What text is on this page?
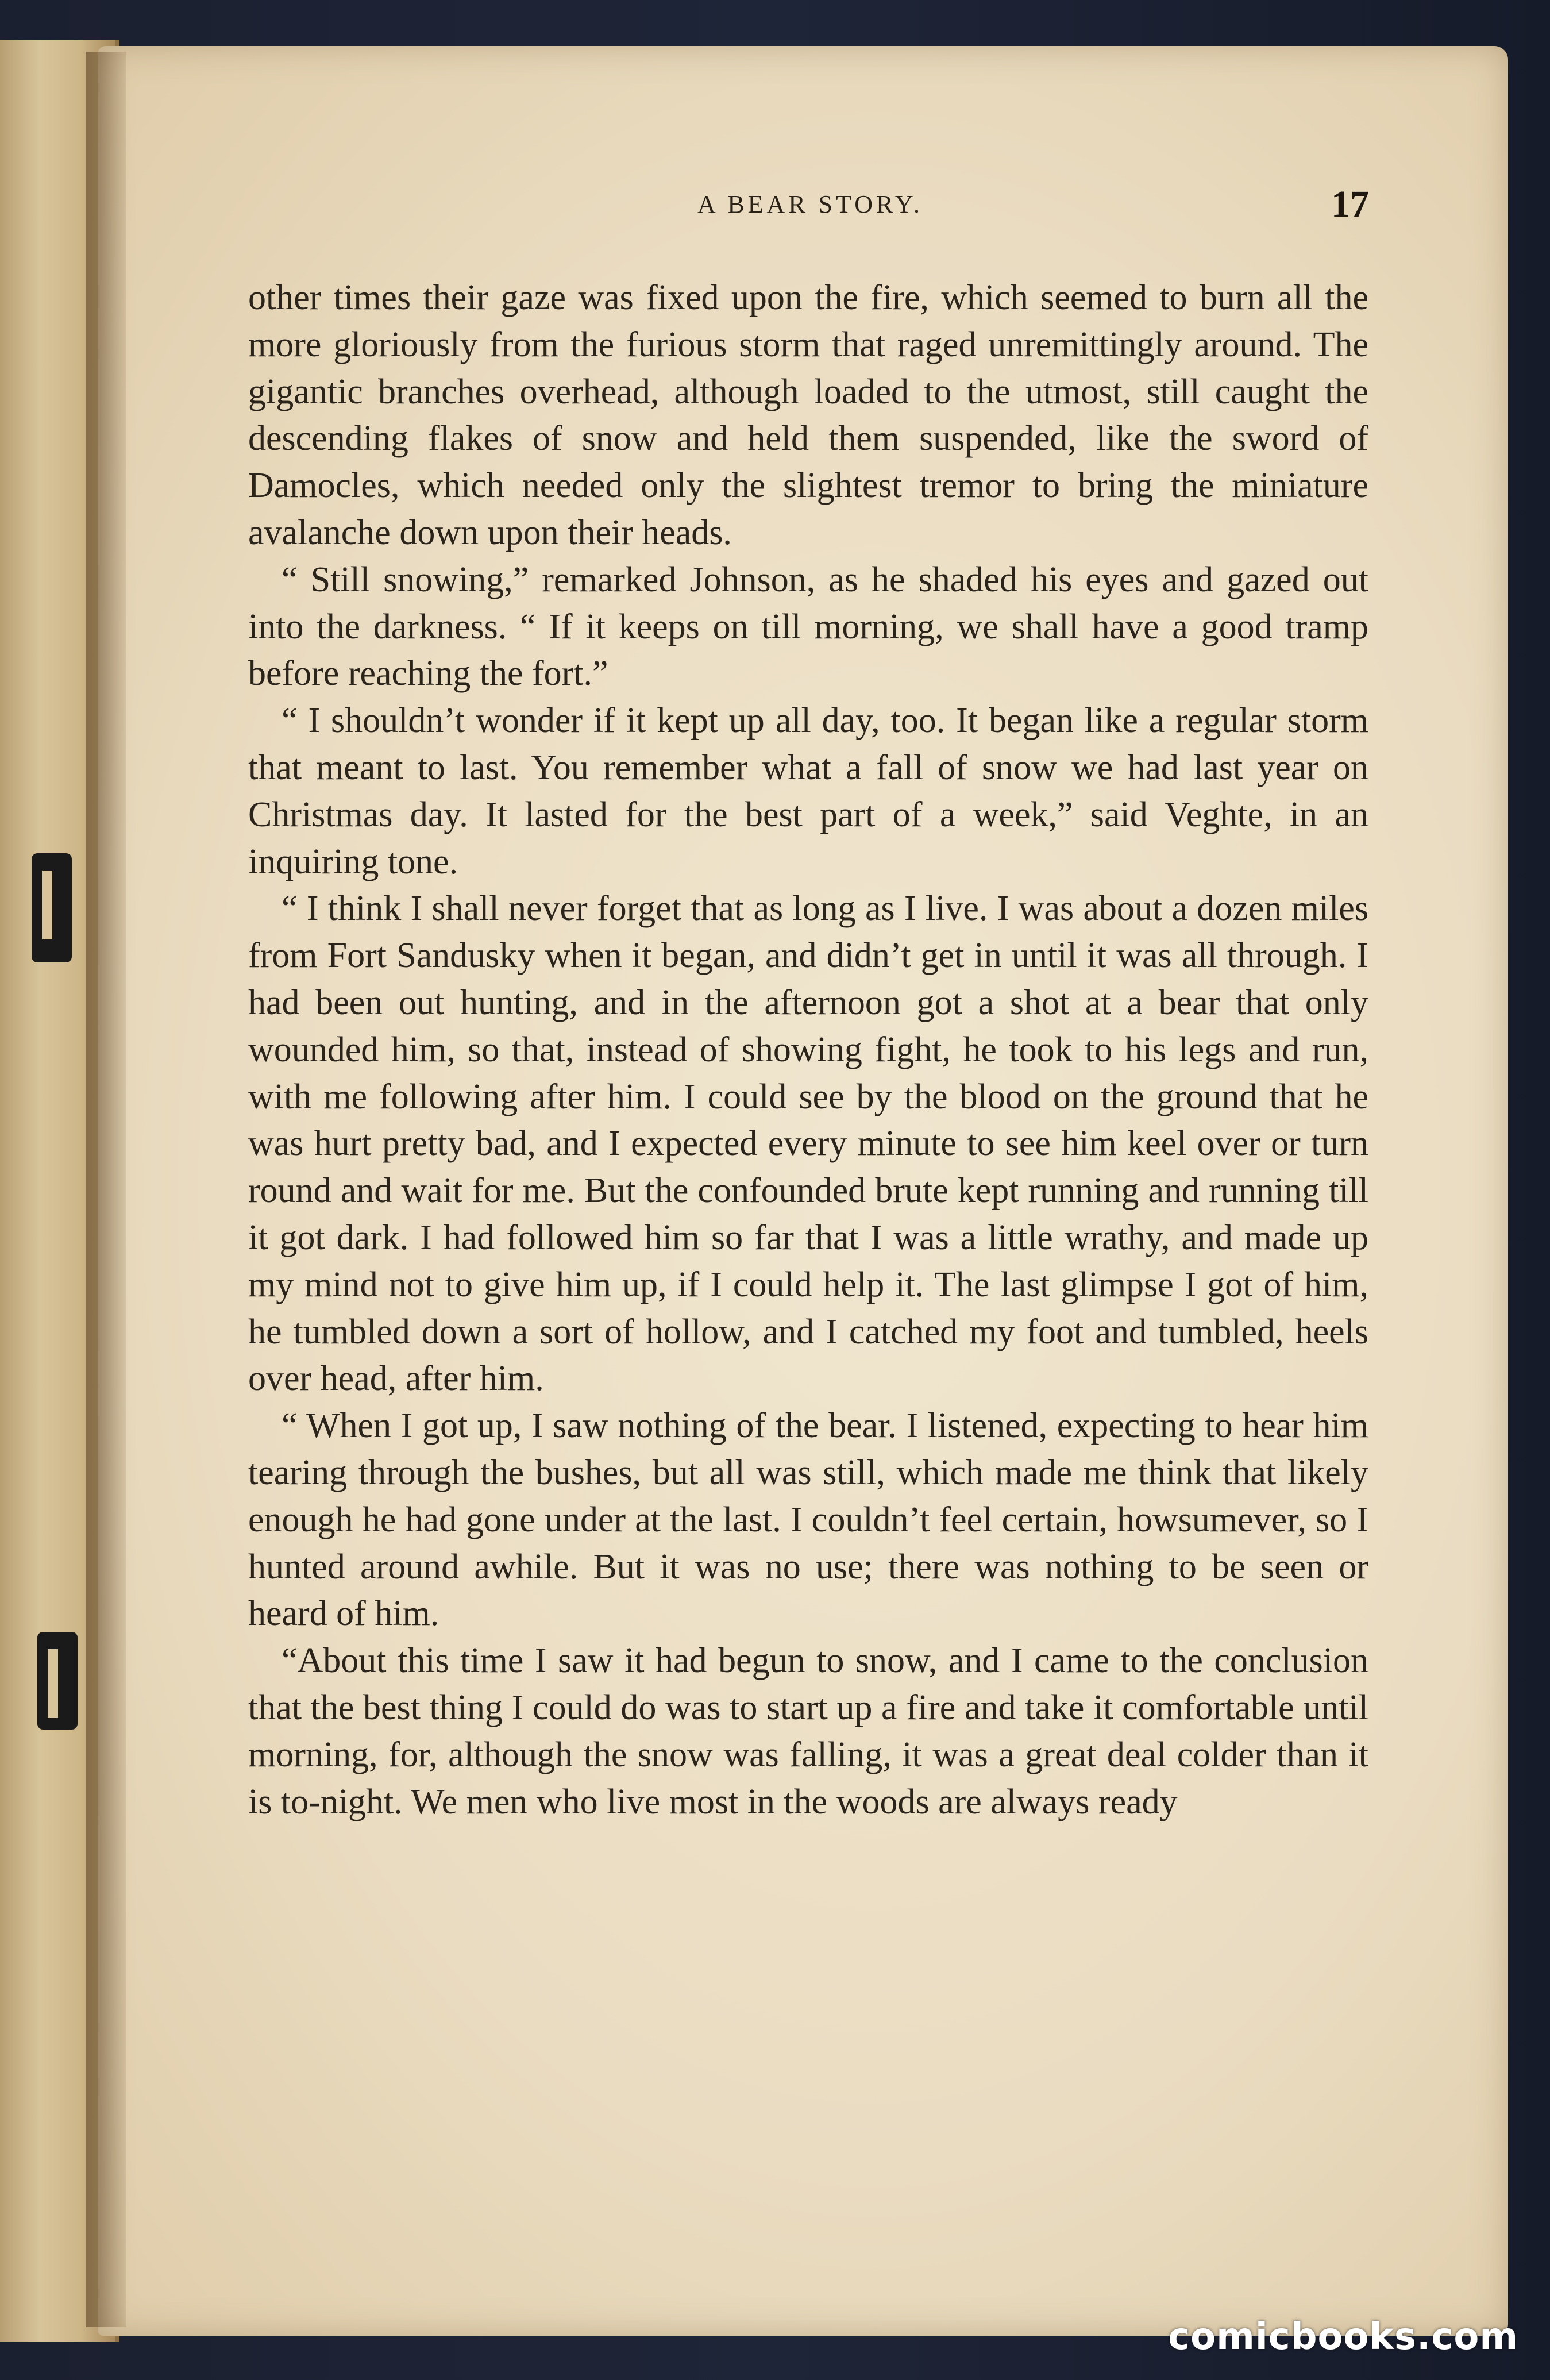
A BEAR STORY.	17

other times their gaze was fixed upon the fire, which seemed to burn all the more gloriously from the furious storm that raged unremittingly around. The gigantic branches overhead, although loaded to the utmost, still caught the descending flakes of snow and held them suspended, like the sword of Damocles, which needed only the slightest tremor to bring the miniature avalanche down upon their heads.

“ Still snowing,” remarked Johnson, as he shaded his eyes and gazed out into the darkness. “ If it keeps on till morning, we shall have a good tramp before reaching the fort.”

“ I shouldn’t wonder if it kept up all day, too. It began like a regular storm that meant to last. You remember what a fall of snow we had last year on Christmas day. It lasted for the best part of a week,” said Veghte, in an inquiring tone.

“ I think I shall never forget that as long as I live. I was about a dozen miles from Fort Sandusky when it began, and didn’t get in until it was all through. I had been out hunting, and in the afternoon got a shot at a bear that only wounded him, so that, instead of showing fight, he took to his legs and run, with me following after him. I could see by the blood on the ground that he was hurt pretty bad, and I expected every minute to see him keel over or turn round and wait for me. But the confounded brute kept running and running till it got dark. I had followed him so far that I was a little wrathy, and made up my mind not to give him up, if I could help it. The last glimpse I got of him, he tumbled down a sort of hollow, and I catched my foot and tumbled, heels over head, after him.

“ When I got up, I saw nothing of the bear. I listened, expecting to hear him tearing through the bushes, but all was still, which made me think that likely enough he had gone under at the last. I couldn’t feel certain, howsumever, so I hunted around awhile. But it was no use; there was nothing to be seen or heard of him.

“About this time I saw it had begun to snow, and I came to the conclusion that the best thing I could do was to start up a fire and take it comfortable until morning, for, although the snow was falling, it was a great deal colder than it is to-night. We men who live most in the woods are always ready

comicbooks.com
